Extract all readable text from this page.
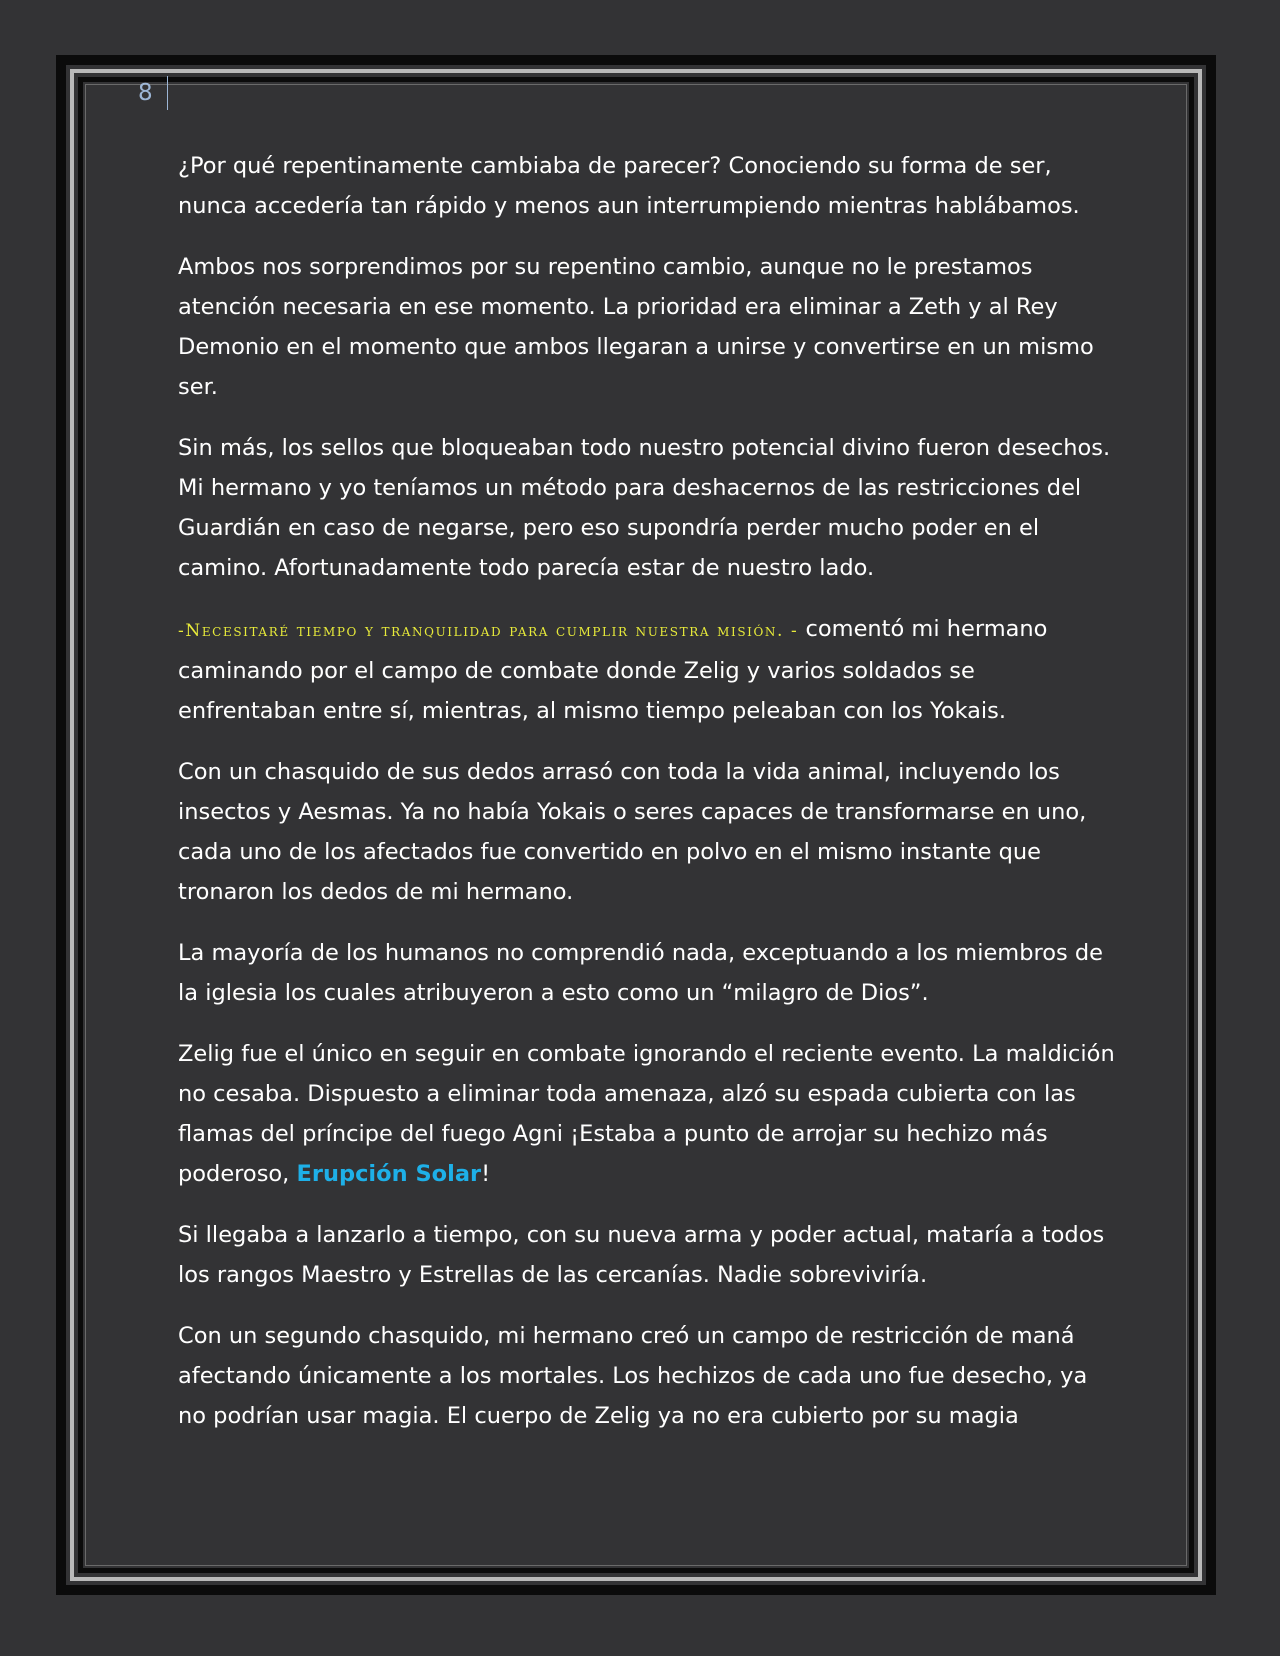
8

¿Por qué repentinamente cambiaba de parecer? Conociendo su forma de ser, nunca accedería tan rápido y menos aun interrumpiendo mientras hablábamos.

Ambos nos sorprendimos por su repentino cambio, aunque no le prestamos atención necesaria en ese momento. La prioridad era eliminar a Zeth y al Rey Demonio en el momento que ambos llegaran a unirse y convertirse en un mismo ser.

Sin más, los sellos que bloqueaban todo nuestro potencial divino fueron desechos. Mi hermano y yo teníamos un método para deshacernos de las restricciones del Guardián en caso de negarse, pero eso supondría perder mucho poder en el camino. Afortunadamente todo parecía estar de nuestro lado.

-Necesitaré tiempo y tranquilidad para cumplir nuestra misión. - comentó mi hermano caminando por el campo de combate donde Zelig y varios soldados se enfrentaban entre sí, mientras, al mismo tiempo peleaban con los Yokais.

Con un chasquido de sus dedos arrasó con toda la vida animal, incluyendo los insectos y Aesmas. Ya no había Yokais o seres capaces de transformarse en uno, cada uno de los afectados fue convertido en polvo en el mismo instante que tronaron los dedos de mi hermano.

La mayoría de los humanos no comprendió nada, exceptuando a los miembros de la iglesia los cuales atribuyeron a esto como un “milagro de Dios”.

Zelig fue el único en seguir en combate ignorando el reciente evento. La maldición no cesaba. Dispuesto a eliminar toda amenaza, alzó su espada cubierta con las flamas del príncipe del fuego Agni ¡Estaba a punto de arrojar su hechizo más poderoso, Erupción Solar!

Si llegaba a lanzarlo a tiempo, con su nueva arma y poder actual, mataría a todos los rangos Maestro y Estrellas de las cercanías. Nadie sobreviviría.

Con un segundo chasquido, mi hermano creó un campo de restricción de maná afectando únicamente a los mortales. Los hechizos de cada uno fue desecho, ya no podrían usar magia. El cuerpo de Zelig ya no era cubierto por su magia
